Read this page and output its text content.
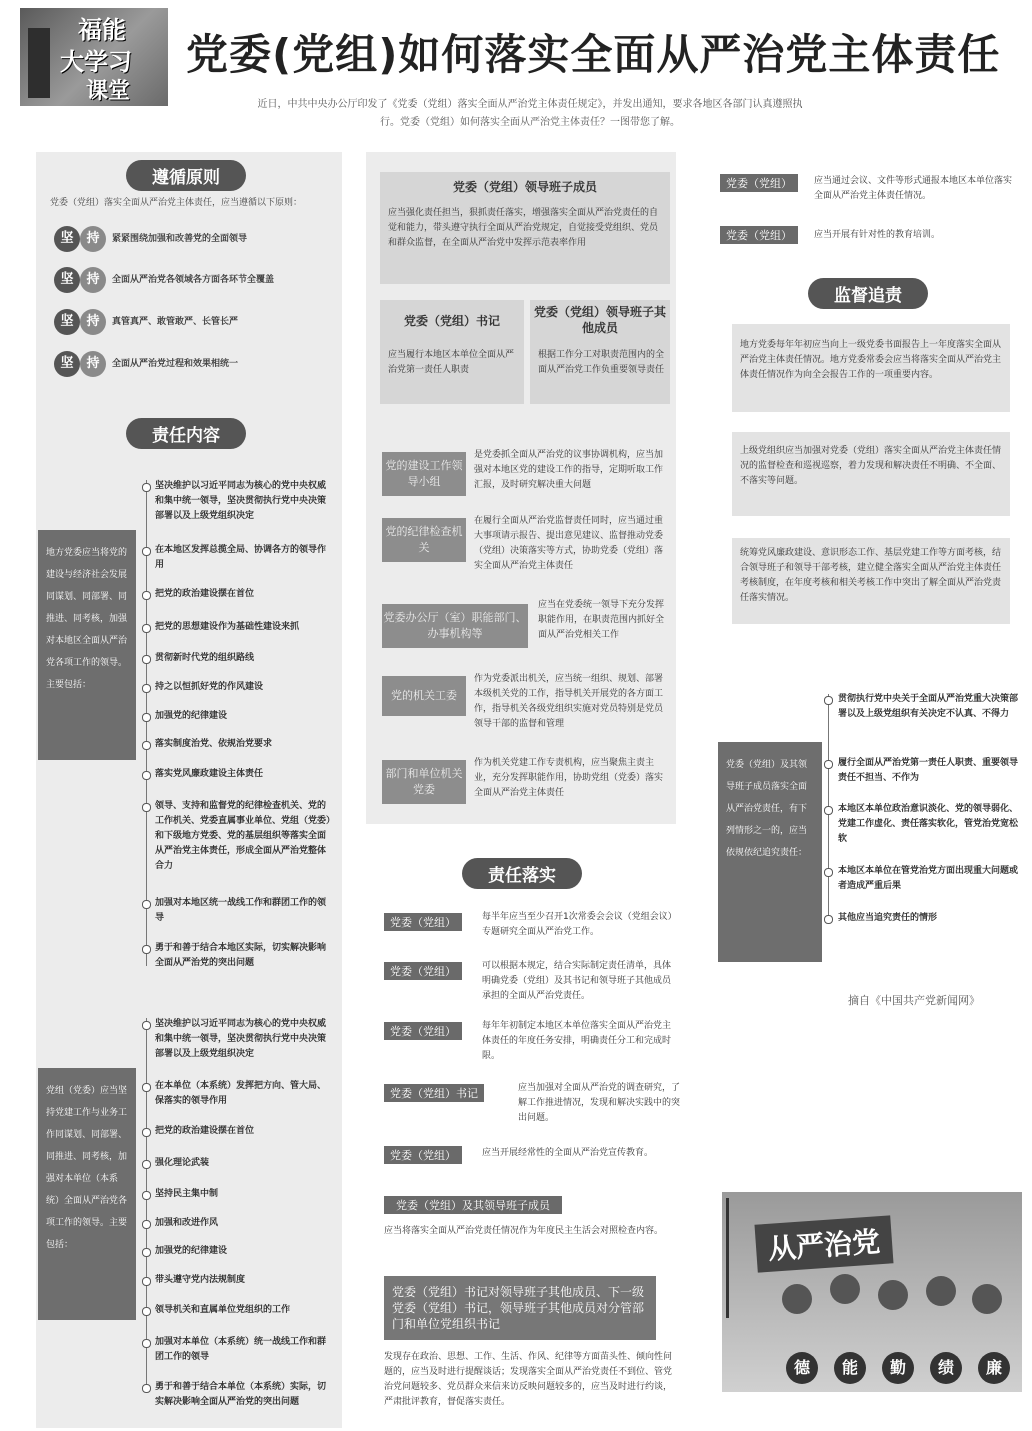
福能
大学习
课堂
党委(党组)如何落实全面从严治党主体责任
近日，中共中央办公厅印发了《党委（党组）落实全面从严治党主体责任规定》，并发出通知，要求各地区各部门认真遵照执行。党委（党组）如何落实全面从严治党主体责任？一图带您了解。
遵循原则
党委（党组）落实全面从严治党主体责任，应当遵循以下原则：
坚 持	紧紧围绕加强和改善党的全面领导
坚 持	全面从严治党各领域各方面各环节全覆盖
坚 持	真管真严、敢管敢严、长管长严
坚 持	全面从严治党过程和效果相统一
责任内容
地方党委应当将党的建设与经济社会发展同谋划、同部署、同推进、同考核，加强对本地区全面从严治党各项工作的领导。主要包括：
坚决维护以习近平同志为核心的党中央权威和集中统一领导，坚决贯彻执行党中央决策部署以及上级党组织决定
在本地区发挥总揽全局、协调各方的领导作用
把党的政治建设摆在首位
把党的思想建设作为基础性建设来抓
贯彻新时代党的组织路线
持之以恒抓好党的作风建设
加强党的纪律建设
落实制度治党、依规治党要求
落实党风廉政建设主体责任
领导、支持和监督党的纪律检查机关、党的工作机关、党委直属事业单位、党组（党委）和下级地方党委、党的基层组织等落实全面从严治党主体责任，形成全面从严治党整体合力
加强对本地区统一战线工作和群团工作的领导
勇于和善于结合本地区实际，切实解决影响全面从严治党的突出问题
党组（党委）应当坚持党建工作与业务工作同谋划、同部署、同推进、同考核，加强对本单位（本系统）全面从严治党各项工作的领导。主要包括：
坚决维护以习近平同志为核心的党中央权威和集中统一领导，坚决贯彻执行党中央决策部署以及上级党组织决定
在本单位（本系统）发挥把方向、管大局、保落实的领导作用
把党的政治建设摆在首位
强化理论武装
坚持民主集中制
加强和改进作风
加强党的纪律建设
带头遵守党内法规制度
领导机关和直属单位党组织的工作
加强对本单位（本系统）统一战线工作和群团工作的领导
勇于和善于结合本单位（本系统）实际，切实解决影响全面从严治党的突出问题
党委（党组）领导班子成员
应当强化责任担当，狠抓责任落实，增强落实全面从严治党责任的自觉和能力，带头遵守执行全面从严治党规定，自觉接受党组织、党员和群众监督，在全面从严治党中发挥示范表率作用
党委（党组）书记
应当履行本地区本单位全面从严治党第一责任人职责
党委（党组）领导班子其他成员
根据工作分工对职责范围内的全面从严治党工作负重要领导责任
党的建设工作领导小组
是党委抓全面从严治党的议事协调机构，应当加强对本地区党的建设工作的指导，定期听取工作汇报，及时研究解决重大问题
党的纪律检查机关
在履行全面从严治党监督责任同时，应当通过重大事项请示报告、提出意见建议、监督推动党委（党组）决策落实等方式，协助党委（党组）落实全面从严治党主体责任
党委办公厅（室）职能部门、办事机构等
应当在党委统一领导下充分发挥职能作用，在职责范围内抓好全面从严治党相关工作
党的机关工委
作为党委派出机关，应当统一组织、规划、部署本级机关党的工作，指导机关开展党的各方面工作，指导机关各级党组织实施对党员特别是党员领导干部的监督和管理
部门和单位机关党委
作为机关党建工作专责机构，应当聚焦主责主业，充分发挥职能作用，协助党组（党委）落实全面从严治党主体责任
责任落实
党委（党组）	每半年应当至少召开1次常委会会议（党组会议）专题研究全面从严治党工作。
党委（党组）	可以根据本规定，结合实际制定责任清单，具体明确党委（党组）及其书记和领导班子其他成员承担的全面从严治党责任。
党委（党组）	每年年初制定本地区本单位落实全面从严治党主体责任的年度任务安排，明确责任分工和完成时限。
党委（党组）书记	应当加强对全面从严治党的调查研究，了解工作推进情况，发现和解决实践中的突出问题。
党委（党组）	应当开展经常性的全面从严治党宣传教育。
党委（党组）及其领导班子成员
应当将落实全面从严治党责任情况作为年度民主生活会对照检查内容。
党委（党组）书记对领导班子其他成员、下一级党委（党组）书记，领导班子其他成员对分管部门和单位党组织书记
发现存在政治、思想、工作、生活、作风、纪律等方面苗头性、倾向性问题的，应当及时进行提醒谈话；发现落实全面从严治党责任不到位、管党治党问题较多、党员群众来信来访反映问题较多的，应当及时进行约谈，严肃批评教育，督促落实责任。
党委（党组）	应当通过会议、文件等形式通报本地区本单位落实全面从严治党主体责任情况。
党委（党组）	应当开展有针对性的教育培训。
监督追责
地方党委每年年初应当向上一级党委书面报告上一年度落实全面从严治党主体责任情况。地方党委常委会应当将落实全面从严治党主体责任情况作为向全会报告工作的一项重要内容。
上级党组织应当加强对党委（党组）落实全面从严治党主体责任情况的监督检查和巡视巡察，着力发现和解决责任不明确、不全面、不落实等问题。
统筹党风廉政建设、意识形态工作、基层党建工作等方面考核，结合领导班子和领导干部考核，建立健全落实全面从严治党主体责任考核制度，在年度考核和相关考核工作中突出了解全面从严治党责任落实情况。
党委（党组）及其领导班子成员落实全面从严治党责任，有下列情形之一的，应当依规依纪追究责任：
贯彻执行党中央关于全面从严治党重大决策部署以及上级党组织有关决定不认真、不得力
履行全面从严治党第一责任人职责、重要领导责任不担当、不作为
本地区本单位政治意识淡化、党的领导弱化、党建工作虚化、责任落实软化，管党治党宽松软
本地区本单位在管党治党方面出现重大问题或者造成严重后果
其他应当追究责任的情形
摘自《中国共产党新闻网》
从严治党
德	能	勤	绩	廉
